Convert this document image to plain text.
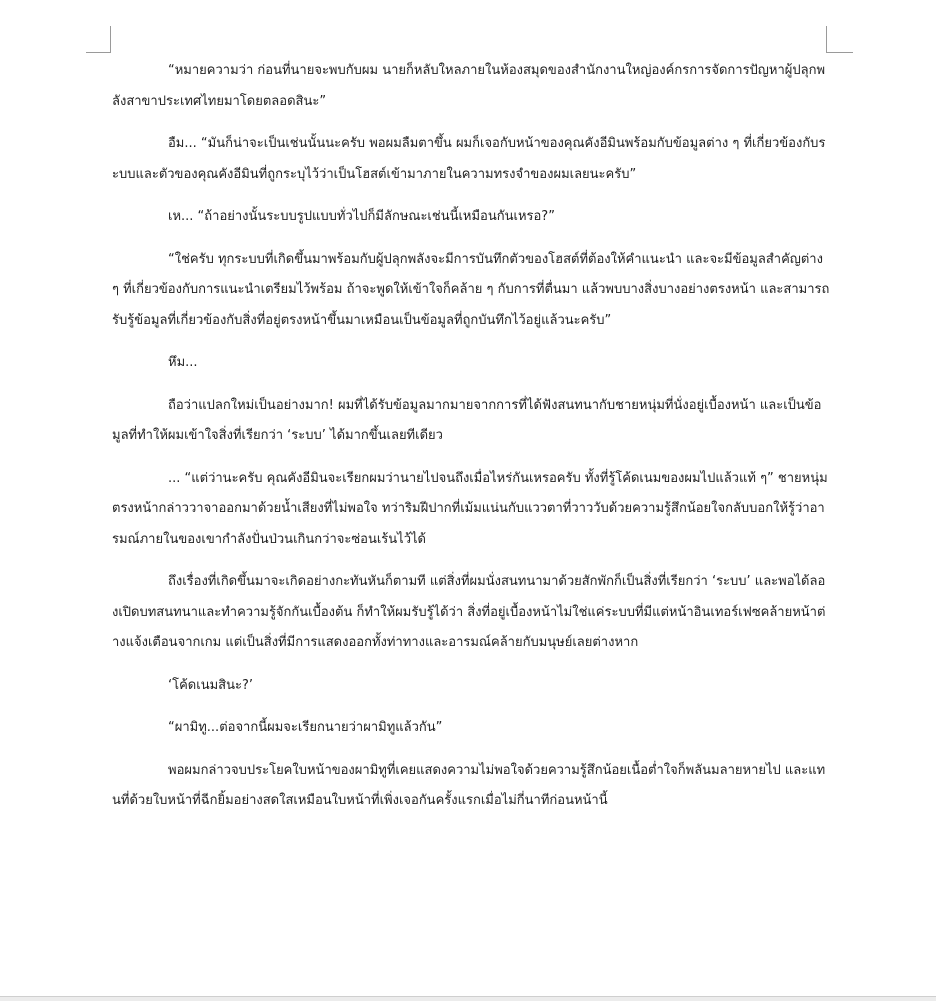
“หมายความว่า ก่อนที่นายจะพบกับผม นายก็หลับใหลภายในห้องสมุดของสำนักงานใหญ่องค์กรการจัดการปัญหาผู้ปลุกพลังสาขาประเทศไทยมาโดยตลอดสินะ”

อืม... “มันก็น่าจะเป็นเช่นนั้นนะครับ พอผมลืมตาขึ้น ผมก็เจอกับหน้าของคุณคังอีมินพร้อมกับข้อมูลต่าง ๆ ที่เกี่ยวข้องกับระบบและตัวของคุณคังอีมินที่ถูกระบุไว้ว่าเป็นโฮสต์เข้ามาภายในความทรงจำของผมเลยนะครับ”

เห... “ถ้าอย่างนั้นระบบรูปแบบทั่วไปก็มีลักษณะเช่นนี้เหมือนกันเหรอ?”

“ใช่ครับ ทุกระบบที่เกิดขึ้นมาพร้อมกับผู้ปลุกพลังจะมีการบันทึกตัวของโฮสต์ที่ต้องให้คำแนะนำ และจะมีข้อมูลสำคัญต่าง ๆ ที่เกี่ยวข้องกับการแนะนำเตรียมไว้พร้อม ถ้าจะพูดให้เข้าใจก็คล้าย ๆ กับการที่ตื่นมา แล้วพบบางสิ่งบางอย่างตรงหน้า และสามารถรับรู้ข้อมูลที่เกี่ยวข้องกับสิ่งที่อยู่ตรงหน้าขึ้นมาเหมือนเป็นข้อมูลที่ถูกบันทึกไว้อยู่แล้วนะครับ”

หึม...

ถือว่าแปลกใหม่เป็นอย่างมาก! ผมที่ได้รับข้อมูลมากมายจากการที่ได้ฟังสนทนากับชายหนุ่มที่นั่งอยู่เบื้องหน้า และเป็นข้อมูลที่ทำให้ผมเข้าใจสิ่งที่เรียกว่า ‘ระบบ’ ได้มากขึ้นเลยทีเดียว

... “แต่ว่านะครับ คุณคังอีมินจะเรียกผมว่านายไปจนถึงเมื่อไหร่กันเหรอครับ ทั้งที่รู้โค้ดเนมของผมไปแล้วแท้ ๆ” ชายหนุ่มตรงหน้ากล่าววาจาออกมาด้วยน้ำเสียงที่ไม่พอใจ ทว่าริมฝีปากที่เม้มแน่นกับแววตาที่วาววับด้วยความรู้สึกน้อยใจกลับบอกให้รู้ว่าอารมณ์ภายในของเขากำลังปั่นป่วนเกินกว่าจะซ่อนเร้นไว้ได้

ถึงเรื่องที่เกิดขึ้นมาจะเกิดอย่างกะทันหันก็ตามที แต่สิ่งที่ผมนั่งสนทนามาด้วยสักพักก็เป็นสิ่งที่เรียกว่า ‘ระบบ’ และพอได้ลองเปิดบทสนทนาและทำความรู้จักกันเบื้องต้น ก็ทำให้ผมรับรู้ได้ว่า สิ่งที่อยู่เบื้องหน้าไม่ใช่แค่ระบบที่มีแต่หน้าอินเทอร์เฟซคล้ายหน้าต่างแจ้งเตือนจากเกม แต่เป็นสิ่งที่มีการแสดงออกทั้งท่าทางและอารมณ์คล้ายกับมนุษย์เลยต่างหาก

‘โค้ดเนมสินะ?’

“ผามิทู...ต่อจากนี้ผมจะเรียกนายว่าผามิทูแล้วกัน”

พอผมกล่าวจบประโยคใบหน้าของผามิทูที่เคยแสดงความไม่พอใจด้วยความรู้สึกน้อยเนื้อต่ำใจก็พลันมลายหายไป และแทนที่ด้วยใบหน้าที่ฉีกยิ้มอย่างสดใสเหมือนใบหน้าที่เพิ่งเจอกันครั้งแรกเมื่อไม่กี่นาทีก่อนหน้านี้
